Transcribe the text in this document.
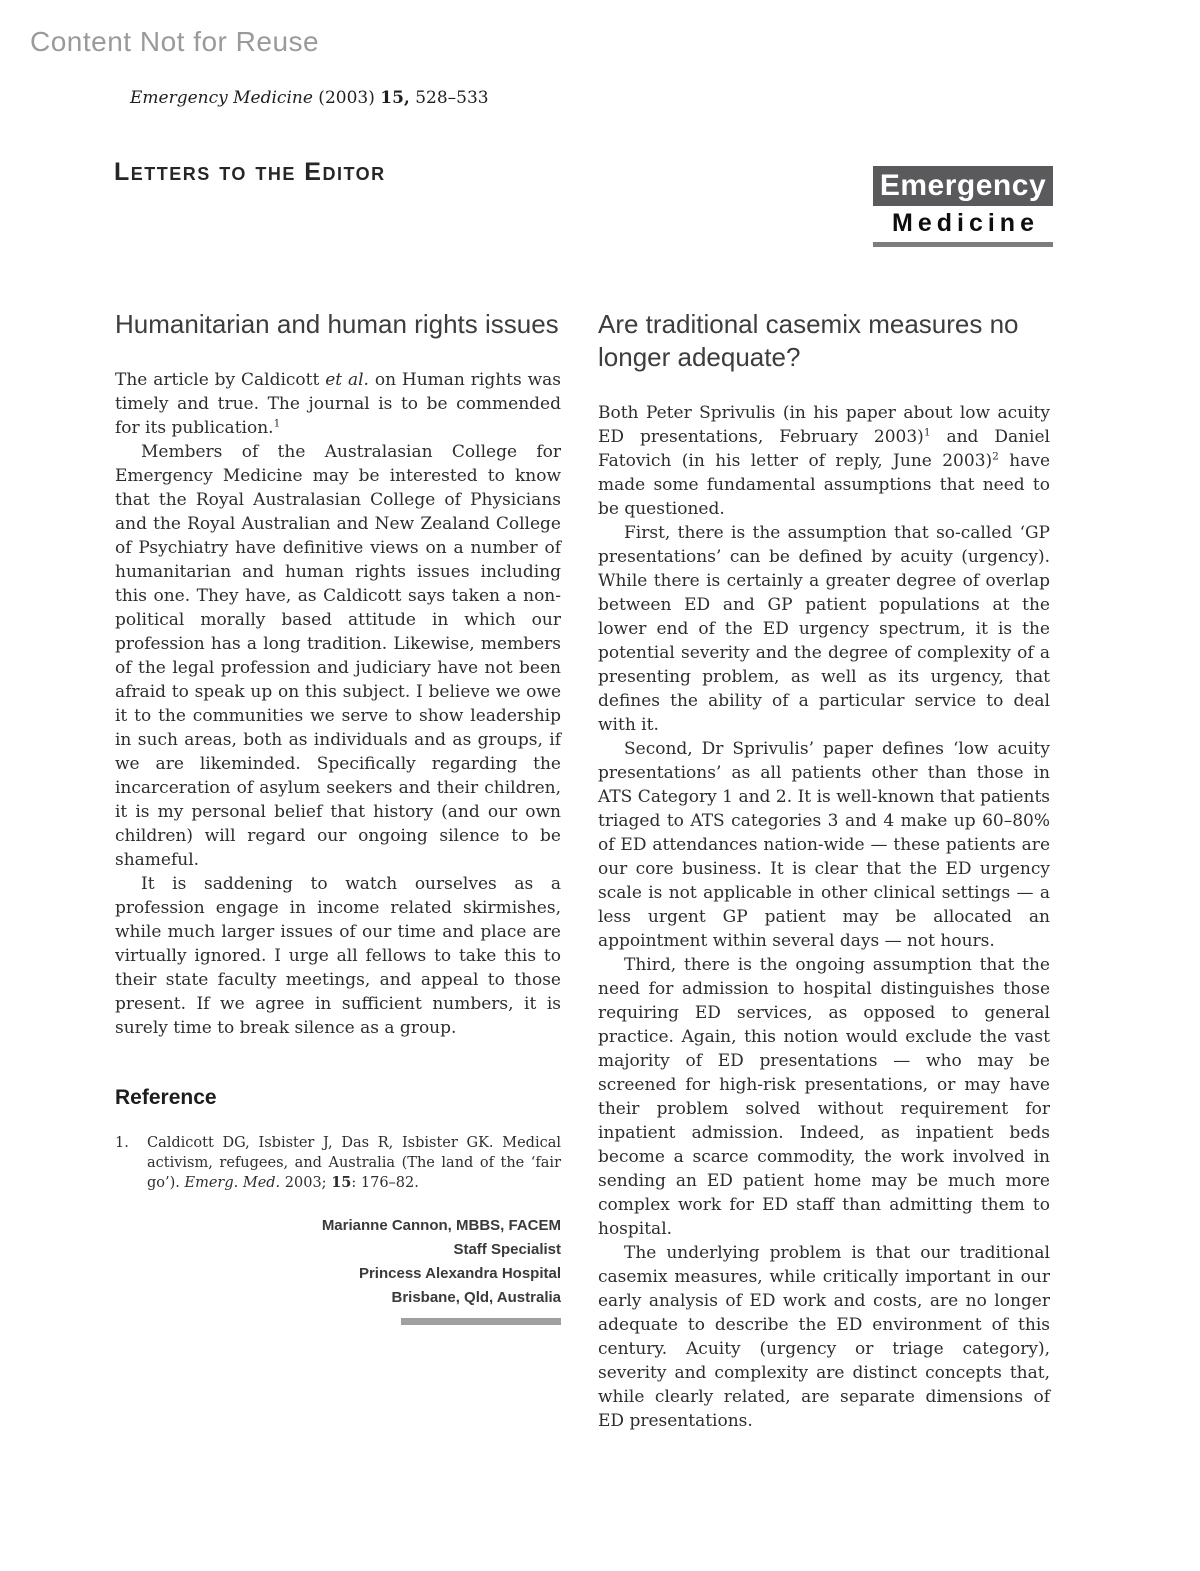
Content Not for Reuse
Emergency Medicine (2003) 15, 528–533
Letters to the Editor	Emergency
Medicine
Humanitarian and human rights issues

The article by Caldicott et al. on Human rights was timely and true. The journal is to be commended for its publication.$^1$

Members of the Australasian College for Emergency Medicine may be interested to know that the Royal Australasian College of Physicians and the Royal Australian and New Zealand College of Psychiatry have definitive views on a number of humanitarian and human rights issues including this one. They have, as Caldicott says taken a non-political morally based attitude in which our profession has a long tradition. Likewise, members of the legal profession and judiciary have not been afraid to speak up on this subject. I believe we owe it to the communities we serve to show leadership in such areas, both as individuals and as groups, if we are likeminded. Specifically regarding the incarceration of asylum seekers and their children, it is my personal belief that history (and our own children) will regard our ongoing silence to be shameful.

It is saddening to watch ourselves as a profession engage in income related skirmishes, while much larger issues of our time and place are virtually ignored. I urge all fellows to take this to their state faculty meetings, and appeal to those present. If we agree in sufficient numbers, it is surely time to break silence as a group.

Reference
1.	Caldicott DG, Isbister J, Das R, Isbister GK. Medical activism, refugees, and Australia (The land of the ‘fair go’). Emerg. Med. 2003; 15: 176–82.
Marianne Cannon, MBBS, FACEM
Staff Specialist
Princess Alexandra Hospital
Brisbane, Qld, Australia
Are traditional casemix measures no longer adequate?

Both Peter Sprivulis (in his paper about low acuity ED presentations, February 2003)$^1$ and Daniel Fatovich (in his letter of reply, June 2003)$^2$ have made some fundamental assumptions that need to be questioned.

First, there is the assumption that so-called ‘GP presentations’ can be defined by acuity (urgency). While there is certainly a greater degree of overlap between ED and GP patient populations at the lower end of the ED urgency spectrum, it is the potential severity and the degree of complexity of a presenting problem, as well as its urgency, that defines the ability of a particular service to deal with it.

Second, Dr Sprivulis’ paper defines ‘low acuity presentations’ as all patients other than those in ATS Category 1 and 2. It is well-known that patients triaged to ATS categories 3 and 4 make up 60–80% of ED attendances nation-wide — these patients are our core business. It is clear that the ED urgency scale is not applicable in other clinical settings — a less urgent GP patient may be allocated an appointment within several days — not hours.

Third, there is the ongoing assumption that the need for admission to hospital distinguishes those requiring ED services, as opposed to general practice. Again, this notion would exclude the vast majority of ED presentations — who may be screened for high-risk presentations, or may have their problem solved without requirement for inpatient admission. Indeed, as inpatient beds become a scarce commodity, the work involved in sending an ED patient home may be much more complex work for ED staff than admitting them to hospital.

The underlying problem is that our traditional casemix measures, while critically important in our early analysis of ED work and costs, are no longer adequate to describe the ED environment of this century. Acuity (urgency or triage category), severity and complexity are distinct concepts that, while clearly related, are separate dimensions of ED presentations.
